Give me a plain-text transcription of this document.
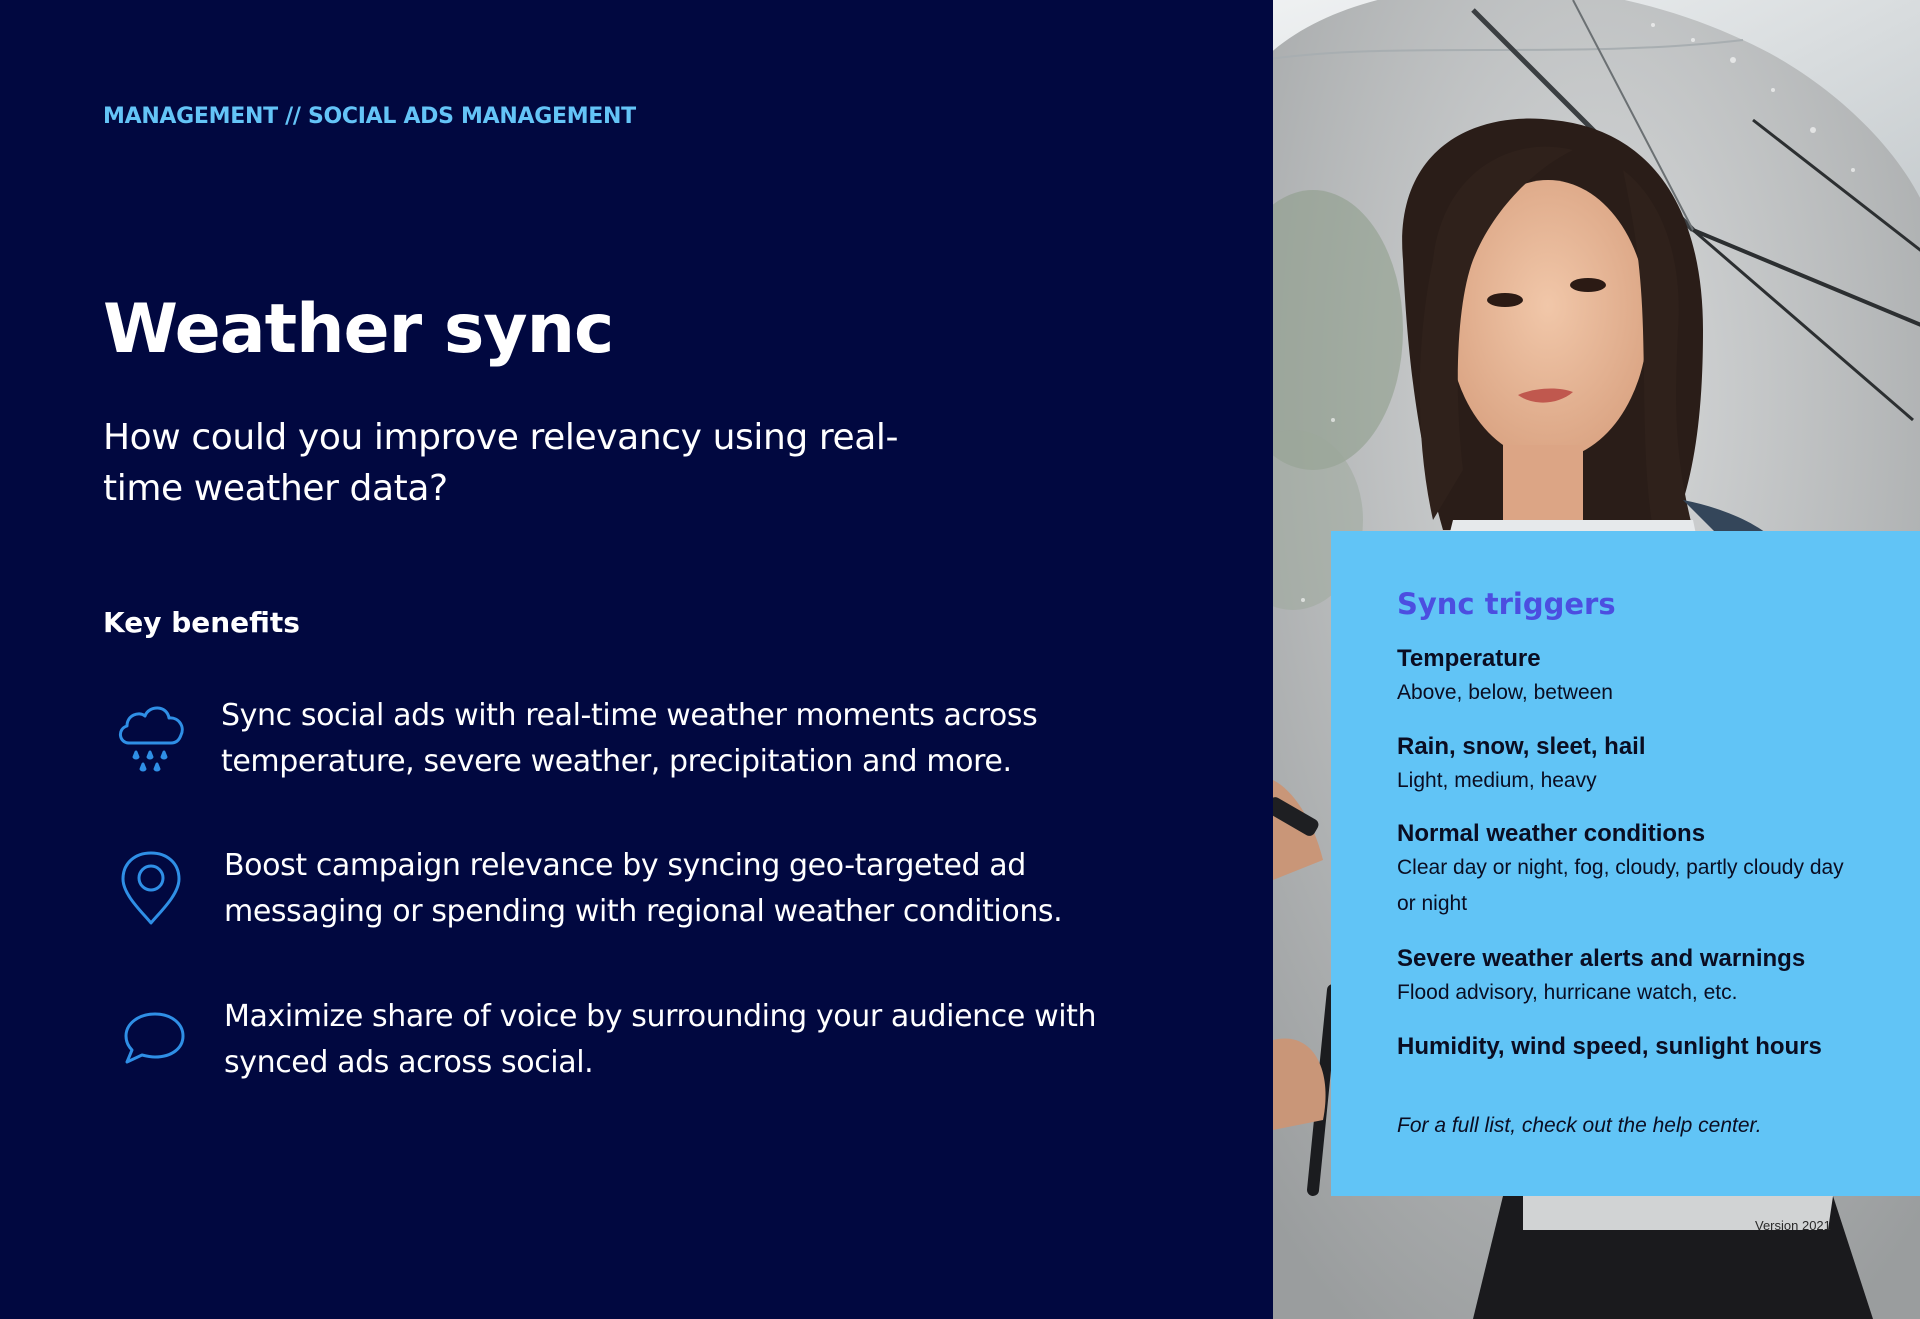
MANAGEMENT // SOCIAL ADS MANAGEMENT
Weather sync
How could you improve relevancy using real-time weather data?
Key benefits
Sync social ads with real-time weather moments across temperature, severe weather, precipitation and more.
Boost campaign relevance by syncing geo-targeted ad messaging or spending with regional weather conditions.
Maximize share of voice by surrounding your audience with synced ads across social.
Sync triggers
Temperature
Above, below, between
Rain, snow, sleet, hail
Light, medium, heavy
Normal weather conditions
Clear day or night, fog, cloudy, partly cloudy day or night
Severe weather alerts and warnings
Flood advisory, hurricane watch, etc.
Humidity, wind speed, sunlight hours
For a full list, check out the help center.
Version 2021
